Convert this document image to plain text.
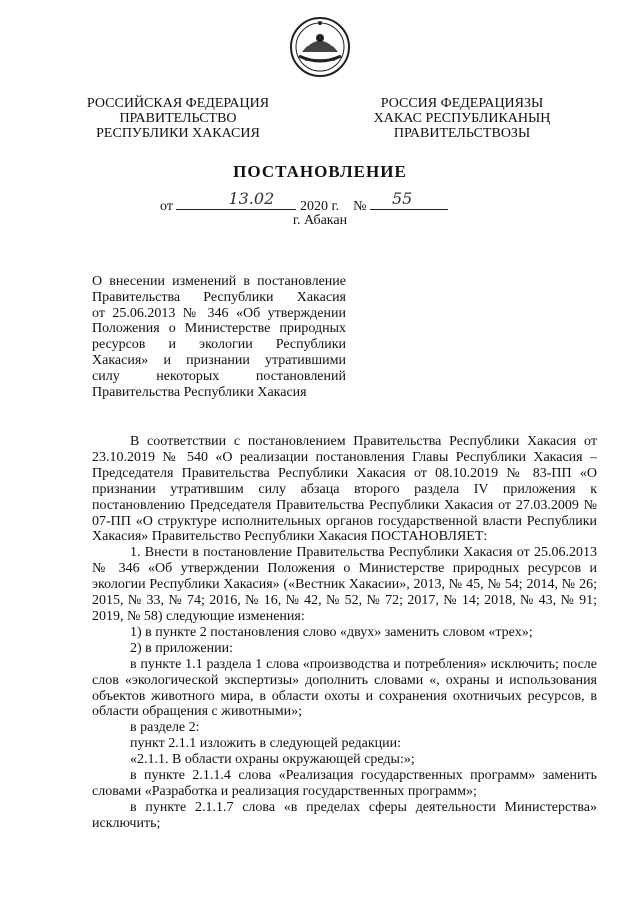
РОССИЙСКАЯ ФЕДЕРАЦИЯ
ПРАВИТЕЛЬСТВО
РЕСПУБЛИКИ ХАКАСИЯ
РОССИЯ ФЕДЕРАЦИЯЗЫ
ХАКАС РЕСПУБЛИКАНЫҢ
ПРАВИТЕЛЬСТВОЗЫ
ПОСТАНОВЛЕНИЕ
от	13.02 2020 г. № 55
г. Абакан
О внесении изменений в постановление
Правительства Республики Хакасия
от 25.06.2013 № 346 «Об утверждении
Положения о Министерстве природных
ресурсов и экологии Республики
Хакасия» и признании утратившими
силу некоторых постановлений
Правительства Республики Хакасия

В соответствии с постановлением Правительства Республики Хакасия от 23.10.2019 № 540 «О реализации постановления Главы Республики Хакасия – Председателя Правительства Республики Хакасия от 08.10.2019 № 83-ПП «О признании утратившим силу абзаца второго раздела IV приложения к постановлению Председателя Правительства Республики Хакасия от 27.03.2009 № 07-ПП «О структуре исполнительных органов государственной власти Республики Хакасия» Правительство Республики Хакасия ПОСТАНОВЛЯЕТ:

1. Внести в постановление Правительства Республики Хакасия от 25.06.2013 № 346 «Об утверждении Положения о Министерстве природных ресурсов и экологии Республики Хакасия» («Вестник Хакасии», 2013, № 45, № 54; 2014, № 26; 2015, № 33, № 74; 2016, № 16, № 42, № 52, № 72; 2017, № 14; 2018, № 43, № 91; 2019, № 58) следующие изменения:

1) в пункте 2 постановления слово «двух» заменить словом «трех»;

2) в приложении:

в пункте 1.1 раздела 1 слова «производства и потребления» исключить; после слов «экологической экспертизы» дополнить словами «, охраны и использования объектов животного мира, в области охоты и сохранения охотничьих ресурсов, в области обращения с животными»;

в разделе 2:

пункт 2.1.1 изложить в следующей редакции:

«2.1.1. В области охраны окружающей среды:»;

в пункте 2.1.1.4 слова «Реализация государственных программ» заменить словами «Разработка и реализация государственных программ»;

в пункте 2.1.1.7 слова «в пределах сферы деятельности Министерства» исключить;
